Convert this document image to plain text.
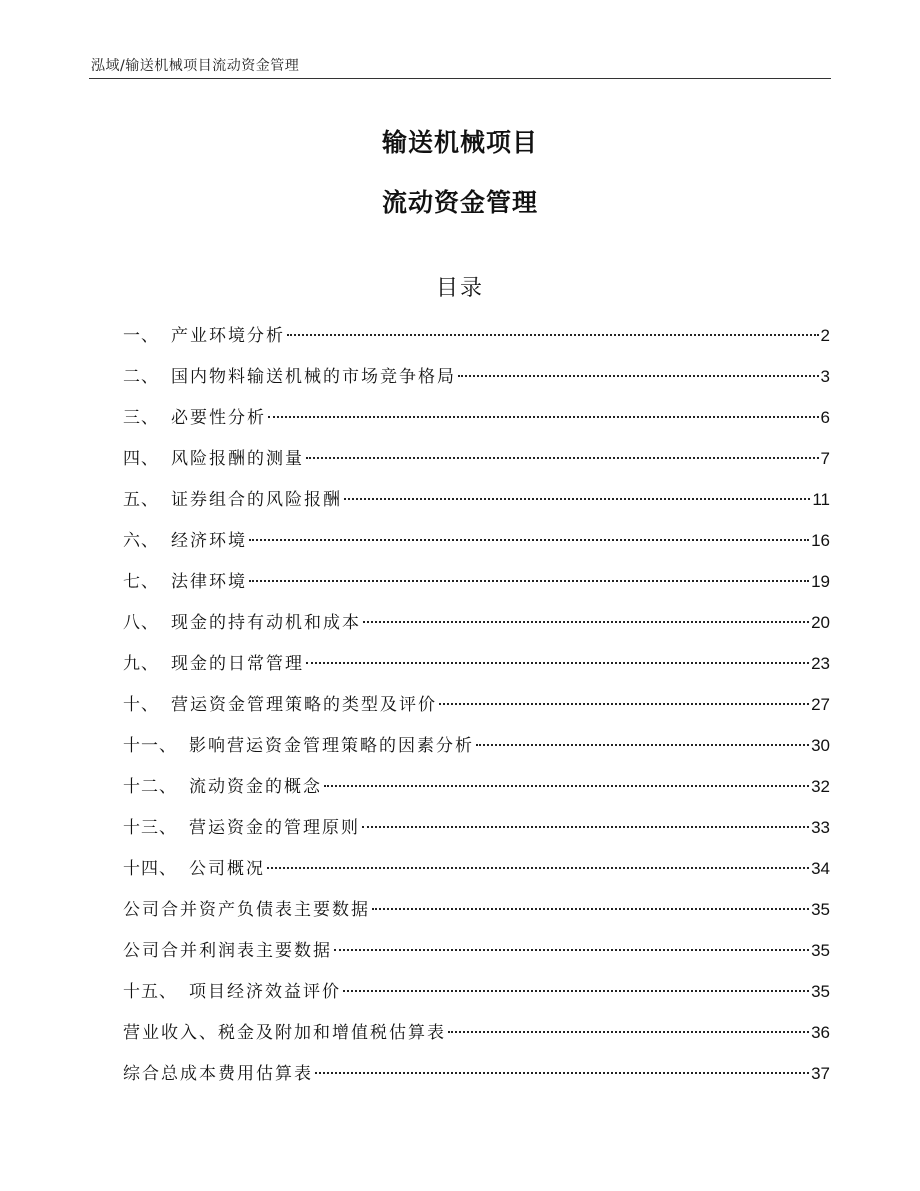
泓域/输送机械项目流动资金管理
输送机械项目
流动资金管理
目录
一、 产业环境分析	2
二、 国内物料输送机械的市场竞争格局	3
三、 必要性分析	6
四、 风险报酬的测量	7
五、 证券组合的风险报酬	11
六、 经济环境	16
七、 法律环境	19
八、 现金的持有动机和成本	20
九、 现金的日常管理	23
十、 营运资金管理策略的类型及评价	27
十一、 影响营运资金管理策略的因素分析	30
十二、 流动资金的概念	32
十三、 营运资金的管理原则	33
十四、 公司概况	34
公司合并资产负债表主要数据	35
公司合并利润表主要数据	35
十五、 项目经济效益评价	35
营业收入、税金及附加和增值税估算表	36
综合总成本费用估算表	37
